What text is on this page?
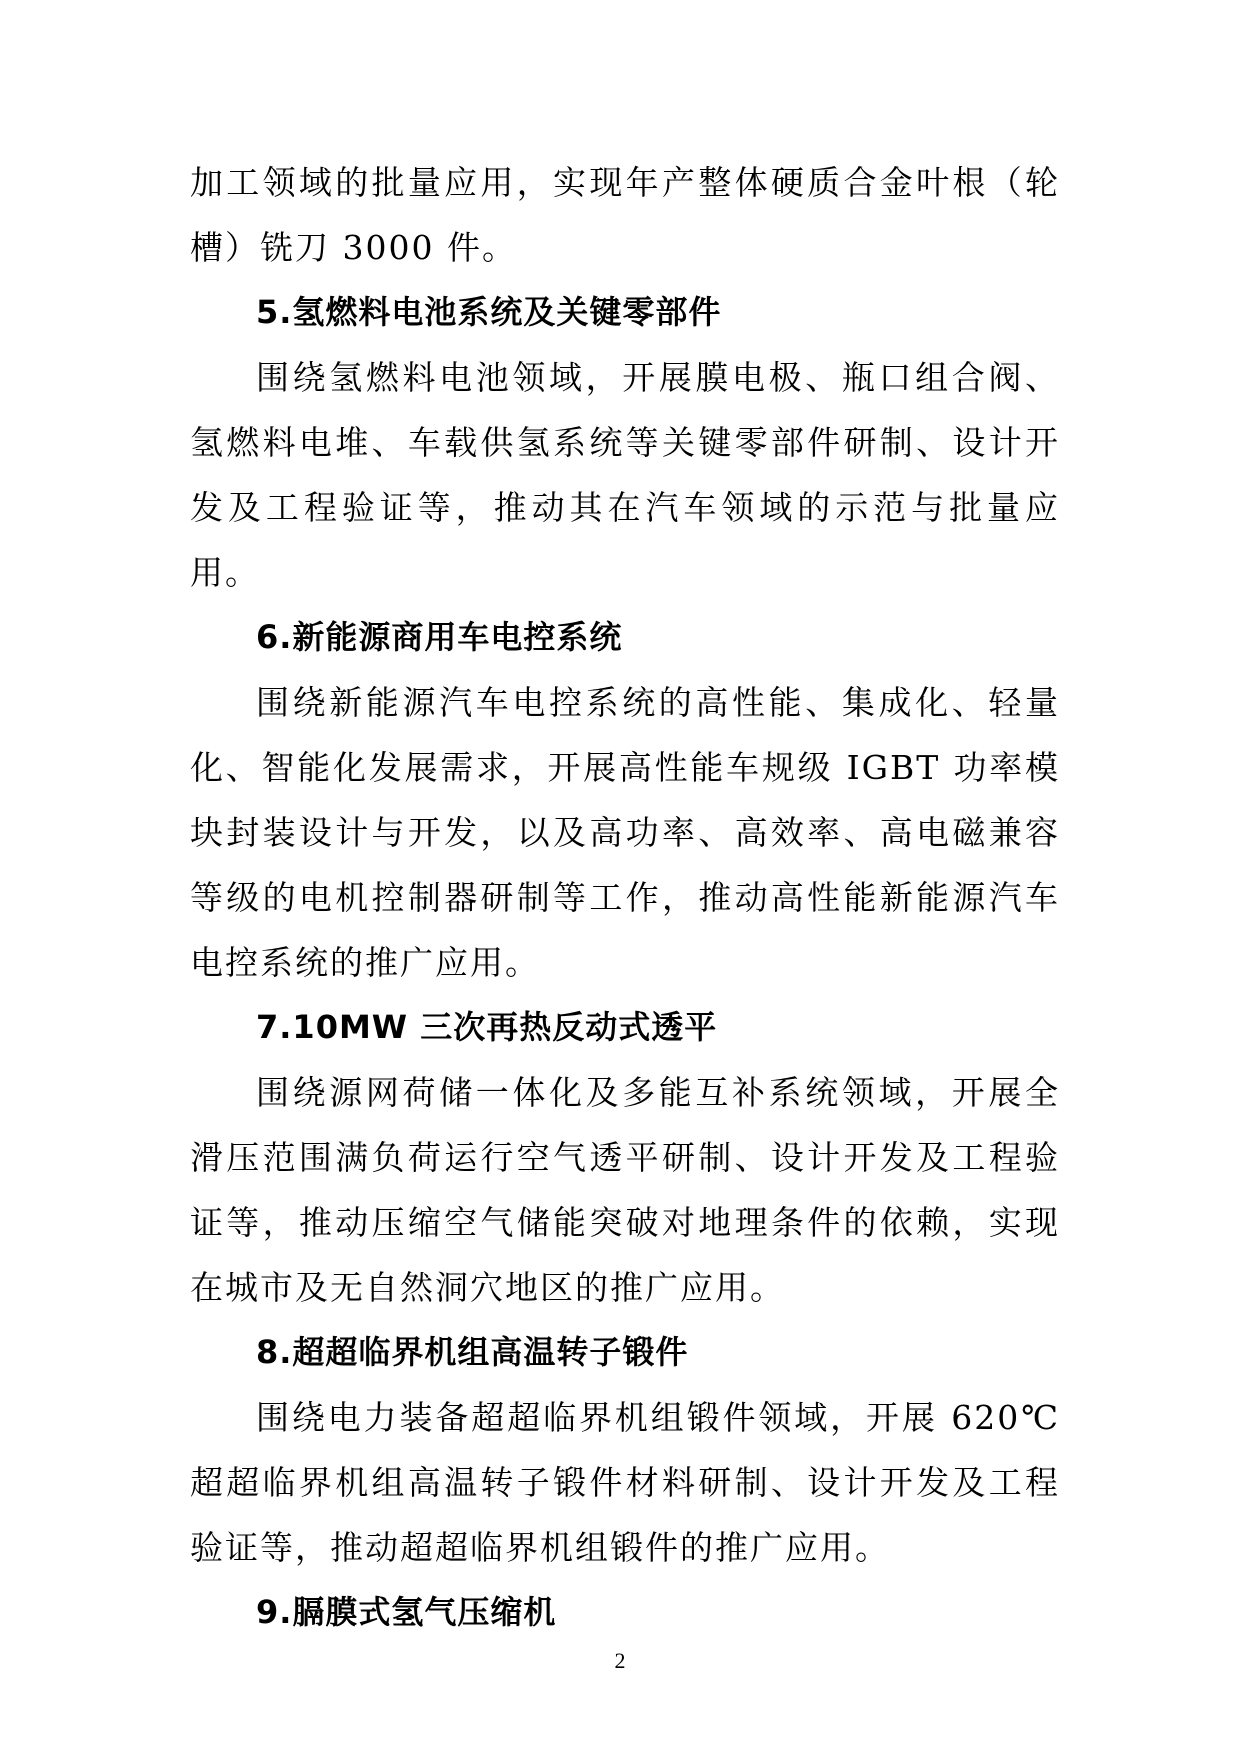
加工领域的批量应用，实现年产整体硬质合金叶根（轮槽）铣刀 3000 件。

5.氢燃料电池系统及关键零部件

围绕氢燃料电池领域，开展膜电极、瓶口组合阀、氢燃料电堆、车载供氢系统等关键零部件研制、设计开发及工程验证等，推动其在汽车领域的示范与批量应用。

6.新能源商用车电控系统

围绕新能源汽车电控系统的高性能、集成化、轻量化、智能化发展需求，开展高性能车规级 IGBT 功率模块封装设计与开发，以及高功率、高效率、高电磁兼容等级的电机控制器研制等工作，推动高性能新能源汽车电控系统的推广应用。

7.10MW 三次再热反动式透平

围绕源网荷储一体化及多能互补系统领域，开展全滑压范围满负荷运行空气透平研制、设计开发及工程验证等，推动压缩空气储能突破对地理条件的依赖，实现在城市及无自然洞穴地区的推广应用。

8.超超临界机组高温转子锻件

围绕电力装备超超临界机组锻件领域，开展 620℃超超临界机组高温转子锻件材料研制、设计开发及工程验证等，推动超超临界机组锻件的推广应用。

9.膈膜式氢气压缩机

2
